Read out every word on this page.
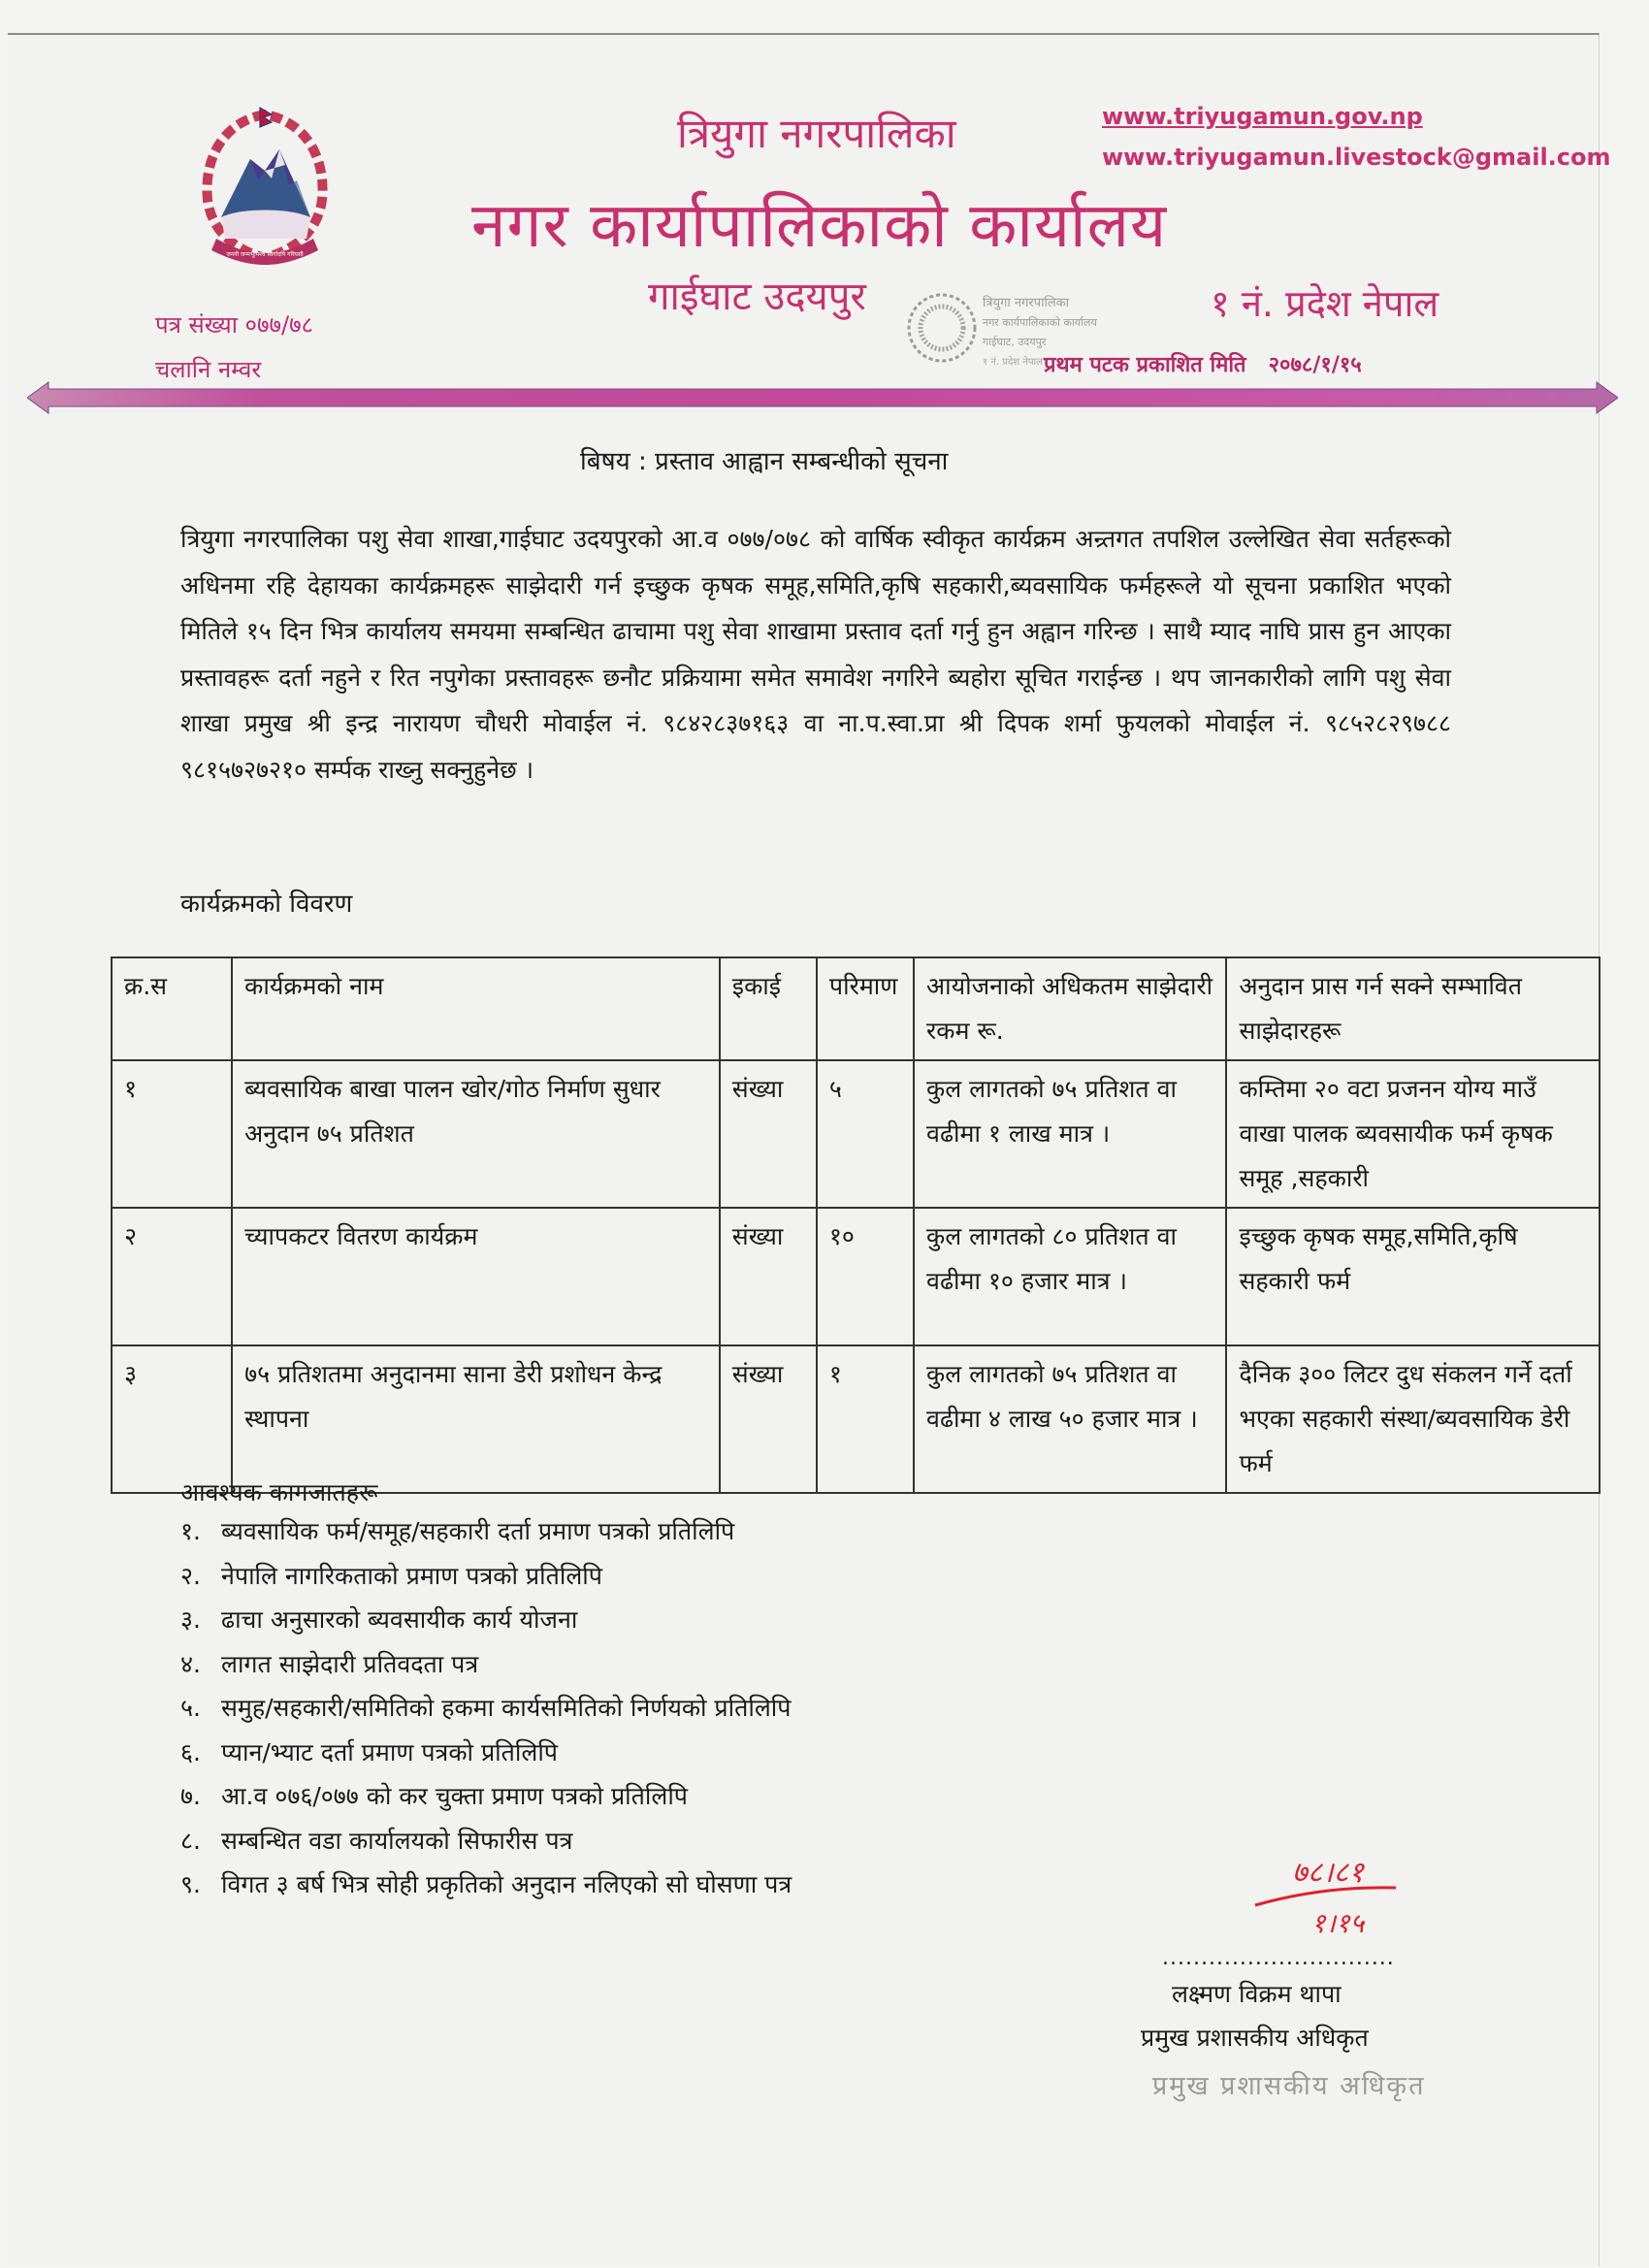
जननी जन्मभूमिश्च स्वर्गादपि गरियसी
त्रियुगा नगरपालिका
नगर कार्यापालिकाको कार्यालय
गाईघाट उदयपुर
www.triyugamun.gov.np
www.triyugamun.livestock@gmail.com
१ नं. प्रदेश नेपाल
पत्र संख्या ०७७/७८
चलानि नम्वर	प्रथम पटक प्रकाशित मिति २०७८/१/१५
त्रियुगा नगरपालिका
नगर कार्यपालिकाको कार्यालय
गाईघाट, उदयपुर
१ नं. प्रदेश नेपाल
बिषय : प्रस्ताव आह्वान सम्बन्धीको सूचना
त्रियुगा नगरपालिका पशु सेवा शाखा,गाईघाट उदयपुरको आ.व ०७७/०७८ को वार्षिक स्वीकृत कार्यक्रम अन्र्तगत तपशिल उल्लेखित सेवा सर्तहरूको अधिनमा रहि देहायका कार्यक्रमहरू साझेदारी गर्न इच्छुक कृषक समूह,समिति,कृषि सहकारी,ब्यवसायिक फर्महरूले यो सूचना प्रकाशित भएको मितिले १५ दिन भित्र कार्यालय समयमा सम्बन्धित ढाचामा पशु सेवा शाखामा प्रस्ताव दर्ता गर्नु हुन अह्वान गरिन्छ । साथै म्याद नाघि प्रास हुन आएका प्रस्तावहरू दर्ता नहुने र रित नपुगेका प्रस्तावहरू छनौट प्रक्रियामा समेत समावेश नगरिने ब्यहोरा सूचित गराईन्छ । थप जानकारीको लागि पशु सेवा शाखा प्रमुख श्री इन्द्र नारायण चौधरी मोवाईल नं. ९८४२८३७१६३ वा ना.प.स्वा.प्रा श्री दिपक शर्मा फुयलको मोवाईल नं. ९८५२८२९७८८ ९८१५७२७२१० सर्म्पक राख्नु सक्नुहुनेछ ।
कार्यक्रमको विवरण
क्र.स	कार्यक्रमको नाम	इकाई	परिमाण	आयोजनाको अधिकतम साझेदारी रकम रू.	अनुदान प्रास गर्न सक्ने सम्भावित साझेदारहरू
१	ब्यवसायिक बाखा पालन खोर/गोठ निर्माण सुधार अनुदान ७५ प्रतिशत	संख्या	५	कुल लागतको ७५ प्रतिशत वा वढीमा १ लाख मात्र ।	कम्तिमा २० वटा प्रजनन योग्य माउँ वाखा पालक ब्यवसायीक फर्म कृषक समूह ,सहकारी
२	च्यापकटर वितरण कार्यक्रम	संख्या	१०	कुल लागतको ८० प्रतिशत वा वढीमा १० हजार मात्र ।	इच्छुक कृषक समूह,समिति,कृषि सहकारी फर्म
३	७५ प्रतिशतमा अनुदानमा साना डेरी प्रशोधन केन्द्र स्थापना	संख्या	१	कुल लागतको ७५ प्रतिशत वा वढीमा ४ लाख ५० हजार मात्र ।	दैनिक ३०० लिटर दुध संकलन गर्ने दर्ता भएका सहकारी संस्था/ब्यवसायिक डेरी फर्म
आवश्यक कागजातहरू
१. ब्यवसायिक फर्म/समूह/सहकारी दर्ता प्रमाण पत्रको प्रतिलिपि
२. नेपालि नागरिकताको प्रमाण पत्रको प्रतिलिपि
३. ढाचा अनुसारको ब्यवसायीक कार्य योजना
४. लागत साझेदारी प्रतिवदता पत्र
५. समुह/सहकारी/समितिको हकमा कार्यसमितिको निर्णयको प्रतिलिपि
६. प्यान/भ्याट दर्ता प्रमाण पत्रको प्रतिलिपि
७. आ.व ०७६/०७७ को कर चुक्ता प्रमाण पत्रको प्रतिलिपि
८. सम्बन्धित वडा कार्यालयको सिफारीस पत्र
९. विगत ३ बर्ष भित्र सोही प्रकृतिको अनुदान नलिएको सो घोसणा पत्र	७८।८१
१।१५
..............................
लक्ष्मण विक्रम थापा
प्रमुख प्रशासकीय अधिकृत
प्रमुख प्रशासकीय अधिकृत
